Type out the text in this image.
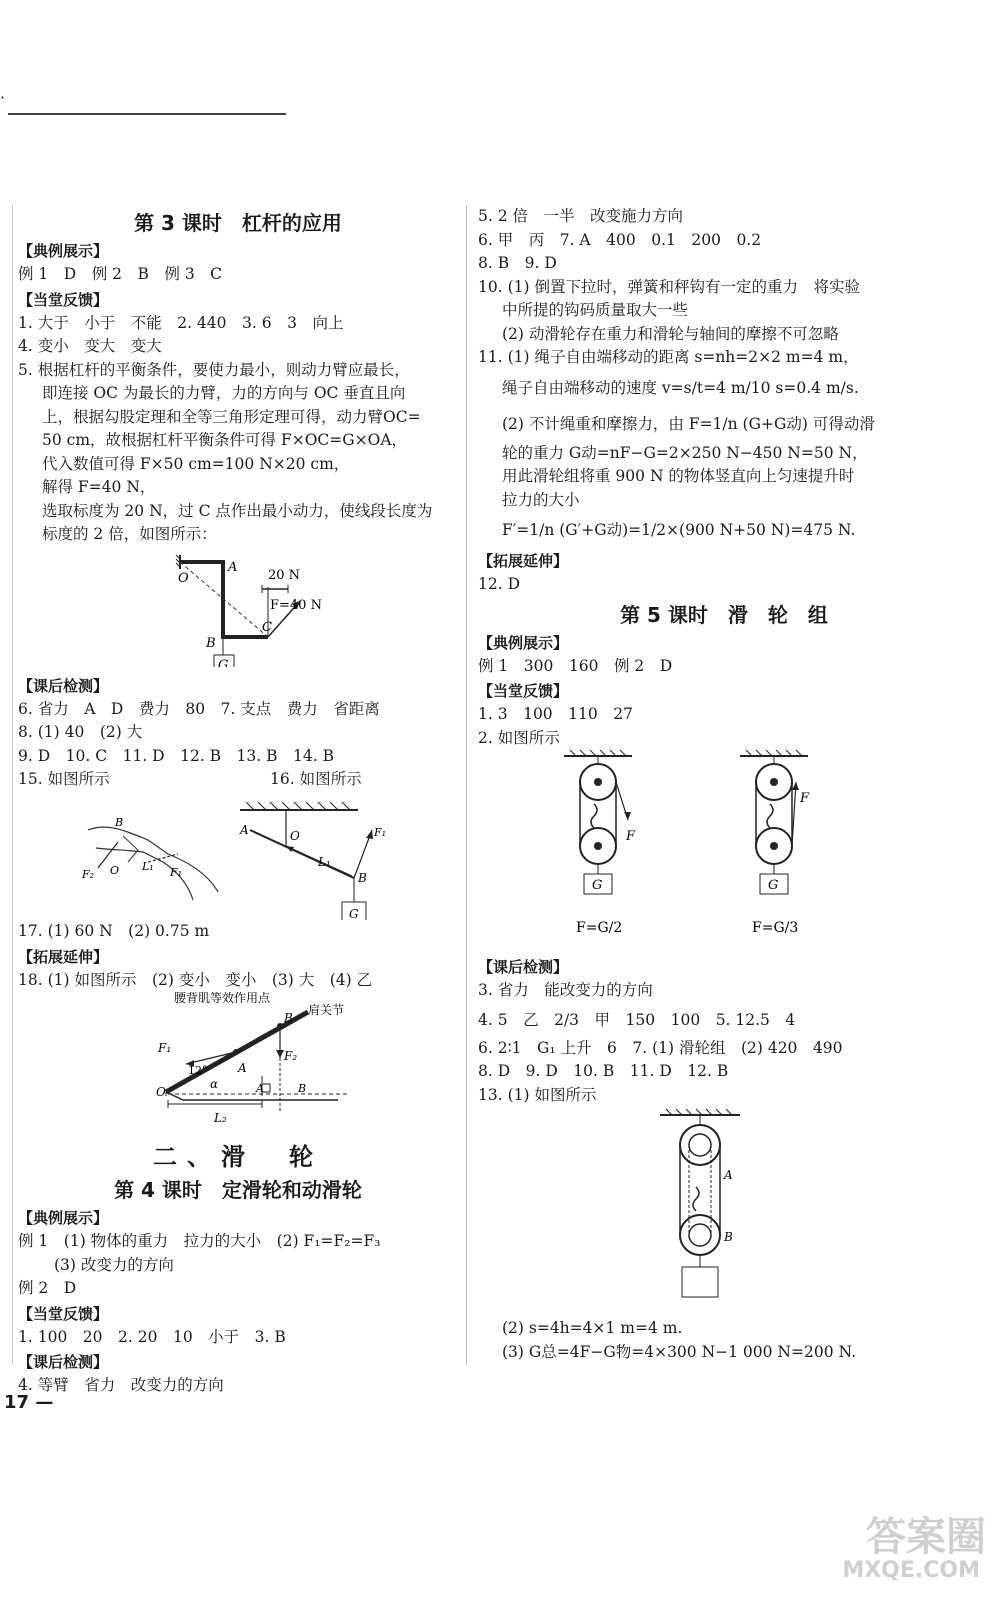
·
第 3 课时　杠杆的应用
【典例展示】

例 1　D　例 2　B　例 3　C

【当堂反馈】

1. 大于　小于　不能　2. 440　3. 6　3　向上

4. 变小　变大　变大

5. 根据杠杆的平衡条件，要使力最小，则动力臂应最长，

即连接 OC 为最长的力臂，力的方向与 OC 垂直且向

上，根据勾股定理和全等三角形定理可得，动力臂OC=

50 cm，故根据杠杆平衡条件可得 F×OC=G×OA，

代入数值可得 F×50 cm=100 N×20 cm，

解得 F=40 N，

选取标度为 20 N，过 C 点作出最小动力，使线段长度为

标度的 2 倍，如图所示：

20 N
F=40 N
O
A
B
C
G
【课后检测】

6. 省力　A　D　费力　80　7. 支点　费力　省距离

8. (1) 40　(2) 大

9. D　10. C　11. D　12. B　13. B　14. B

15. 如图所示	16. 如图所示

B
L₁
F₂	F₁
O
A	O
L₁
F₁
B
G

17. (1) 60 N　(2) 0.75 m

【拓展延伸】

18. (1) 如图所示　(2) 变小　变小　(3) 大　(4) 乙

腰背肌等效作用点
肩关节
B
F₁
F₂
12°	A
O
α	A	B
L₂
二、滑　轮
第 4 课时　定滑轮和动滑轮
【典例展示】

例 1　(1) 物体的重力　拉力的大小　(2) F₁=F₂=F₃

(3) 改变力的方向

例 2　D

【当堂反馈】

1. 100　20　2. 20　10　小于　3. B

【课后检测】

4. 等臂　省力　改变力的方向

5. 2 倍　一半　改变施力方向

6. 甲　丙　7. A　400　0.1　200　0.2

8. B　9. D

10. (1) 倒置下拉时，弹簧和秤钩有一定的重力　将实验

中所提的钩码质量取大一些

(2) 动滑轮存在重力和滑轮与轴间的摩擦不可忽略

11. (1) 绳子自由端移动的距离 s=nh=2×2 m=4 m，

绳子自由端移动的速度 v=s/t=4 m/10 s=0.4 m/s.

(2) 不计绳重和摩擦力，由 F=1/n (G+G动) 可得动滑

轮的重力 G动=nF−G=2×250 N−450 N=50 N，

用此滑轮组将重 900 N 的物体竖直向上匀速提升时

拉力的大小

F′=1/n (G′+G动)=1/2×(900 N+50 N)=475 N.

【拓展延伸】

12. D

第 5 课时　滑　轮　组
【典例展示】

例 1　300　160　例 2　D

【当堂反馈】

1. 3　100　110　27

2. 如图所示

F
G
F=G/2
F
G
F=G/3
【课后检测】

3. 省力　能改变力的方向

4. 5　乙　2/3　甲　150　100　5. 12.5　4

6. 2∶1　G₁ 上升　6　7. (1) 滑轮组　(2) 420　490

8. D　9. D　10. B　11. D　12. B

13. (1) 如图所示

A
B

(2) s=4h=4×1 m=4 m.

(3) G总=4F−G物=4×300 N−1 000 N=200 N.

17 —
答案圈
MXQE.COM
